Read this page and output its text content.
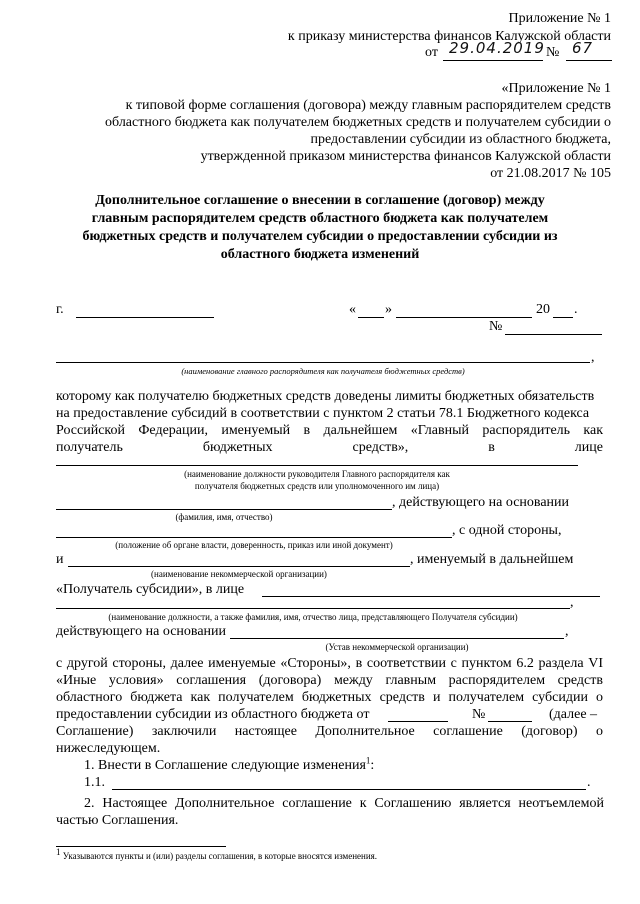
Приложение № 1
к приказу министерства финансов Калужской области
от 29.04.2019 № 67
«Приложение № 1
к типовой форме соглашения (договора) между главным распорядителем средств
областного бюджета как получателем бюджетных средств и получателем субсидии о
предоставлении субсидии из областного бюджета,
утвержденной приказом министерства финансов Калужской области
от 21.08.2017 № 105
Дополнительное соглашение о внесении в соглашение (договор) между
главным распорядителем средств областного бюджета как получателем
бюджетных средств и получателем субсидии о предоставлении субсидии из
областного бюджета изменений
г.	« »	20 .
№
,
(наименование главного распорядителя как получателя бюджетных средств)
которому как получателю бюджетных средств доведены лимиты бюджетных обязательств
на предоставление субсидий в соответствии с пунктом 2 статьи 78.1 Бюджетного кодекса
Российской Федерации, именуемый в дальнейшем «Главный распорядитель как
получатель бюджетных средств», в лице
(наименование должности руководителя Главного распорядителя как
получателя бюджетных средств или уполномоченного им лица)
, действующего на основании
(фамилия, имя, отчество)
, с одной стороны,
(положение об органе власти, доверенность, приказ или иной документ)
и	, именуемый в дальнейшем
(наименование некоммерческой организации)
«Получатель субсидии», в лице
,
(наименование должности, а также фамилия, имя, отчество лица, представляющего Получателя субсидии)
действующего на основании	,
(Устав некоммерческой организации)
с другой стороны, далее именуемые «Стороны», в соответствии с пунктом 6.2 раздела VI
«Иные условия» соглашения (договора) между главным распорядителем средств
областного бюджета как получателем бюджетных средств и получателем субсидии о
предоставлении субсидии из областного бюджета от	№	(далее –
Соглашение) заключили настоящее Дополнительное соглашение (договор) о
нижеследующем.
1. Внести в Соглашение следующие изменения$^1$:
1.1.	.
2. Настоящее Дополнительное соглашение к Соглашению является неотъемлемой
частью Соглашения.
$^1$ Указываются пункты и (или) разделы соглашения, в которые вносятся изменения.
